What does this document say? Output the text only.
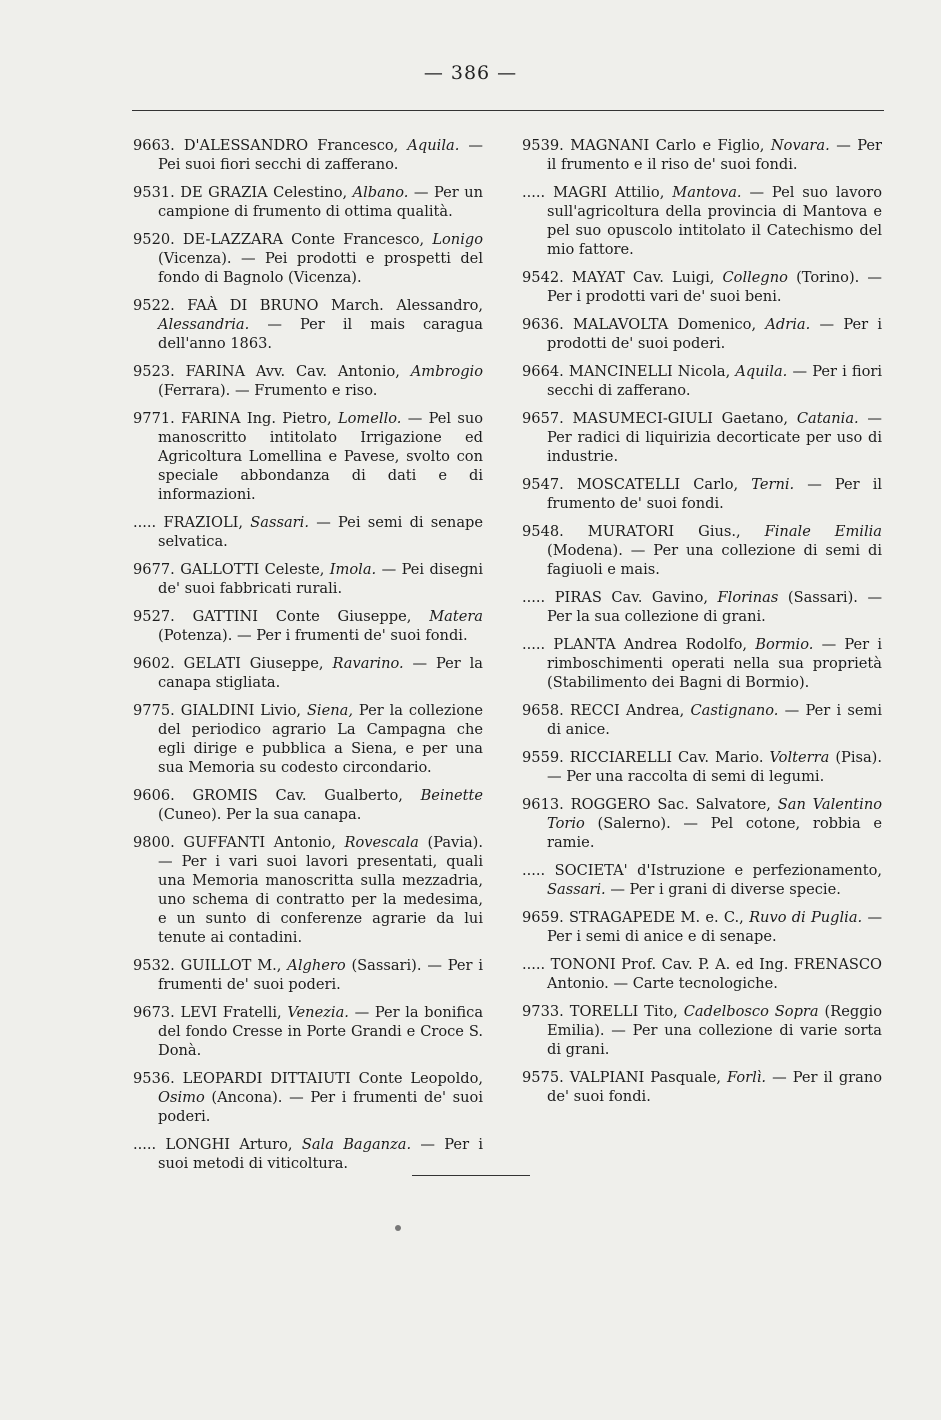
— 386 —

9663. D'ALESSANDRO Francesco, Aquila. — Pei suoi fiori secchi di zafferano.

9531. DE GRAZIA Celestino, Albano. — Per un campione di frumento di ottima qualità.

9520. DE-LAZZARA Conte Francesco, Lonigo (Vicenza). — Pei prodotti e prospetti del fondo di Bagnolo (Vicenza).

9522. FAÀ DI BRUNO March. Alessandro, Alessandria. — Per il mais caragua dell'anno 1863.

9523. FARINA Avv. Cav. Antonio, Ambrogio (Ferrara). — Frumento e riso.

9771. FARINA Ing. Pietro, Lomello. — Pel suo manoscritto intitolato Irrigazione ed Agricoltura Lomellina e Pavese, svolto con speciale abbondanza di dati e di informazioni.

..... FRAZIOLI, Sassari. — Pei semi di senape selvatica.

9677. GALLOTTI Celeste, Imola. — Pei disegni de' suoi fabbricati rurali.

9527. GATTINI Conte Giuseppe, Matera (Potenza). — Per i frumenti de' suoi fondi.

9602. GELATI Giuseppe, Ravarino. — Per la canapa stigliata.

9775. GIALDINI Livio, Siena, Per la collezione del periodico agrario La Campagna che egli dirige e pubblica a Siena, e per una sua Memoria su codesto circondario.

9606. GROMIS Cav. Gualberto, Beinette (Cuneo). Per la sua canapa.

9800. GUFFANTI Antonio, Rovescala (Pavia). — Per i vari suoi lavori presentati, quali una Memoria manoscritta sulla mezzadria, uno schema di contratto per la medesima, e un sunto di conferenze agrarie da lui tenute ai contadini.

9532. GUILLOT M., Alghero (Sassari). — Per i frumenti de' suoi poderi.

9673. LEVI Fratelli, Venezia. — Per la bonifica del fondo Cresse in Porte Grandi e Croce S. Donà.

9536. LEOPARDI DITTAIUTI Conte Leopoldo, Osimo (Ancona). — Per i frumenti de' suoi poderi.

..... LONGHI Arturo, Sala Baganza. — Per i suoi metodi di viticoltura.

9539. MAGNANI Carlo e Figlio, Novara. — Per il frumento e il riso de' suoi fondi.

..... MAGRI Attilio, Mantova. — Pel suo lavoro sull'agricoltura della provincia di Mantova e pel suo opuscolo intitolato il Catechismo del mio fattore.

9542. MAYAT Cav. Luigi, Collegno (Torino). — Per i prodotti vari de' suoi beni.

9636. MALAVOLTA Domenico, Adria. — Per i prodotti de' suoi poderi.

9664. MANCINELLI Nicola, Aquila. — Per i fiori secchi di zafferano.

9657. MASUMECI-GIULI Gaetano, Catania. — Per radici di liquirizia decorticate per uso di industrie.

9547. MOSCATELLI Carlo, Terni. — Per il frumento de' suoi fondi.

9548. MURATORI Gius., Finale Emilia (Modena). — Per una collezione di semi di fagiuoli e mais.

..... PIRAS Cav. Gavino, Florinas (Sassari). — Per la sua collezione di grani.

..... PLANTA Andrea Rodolfo, Bormio. — Per i rimboschimenti operati nella sua proprietà (Stabilimento dei Bagni di Bormio).

9658. RECCI Andrea, Castignano. — Per i semi di anice.

9559. RICCIARELLI Cav. Mario. Volterra (Pisa). — Per una raccolta di semi di legumi.

9613. ROGGERO Sac. Salvatore, San Valentino Torio (Salerno). — Pel cotone, robbia e ramie.

..... SOCIETA' d'Istruzione e perfezionamento, Sassari. — Per i grani di diverse specie.

9659. STRAGAPEDE M. e. C., Ruvo di Puglia. — Per i semi di anice e di senape.

..... TONONI Prof. Cav. P. A. ed Ing. FRENASCO Antonio. — Carte tecnologiche.

9733. TORELLI Tito, Cadelbosco Sopra (Reggio Emilia). — Per una collezione di varie sorta di grani.

9575. VALPIANI Pasquale, Forlì. — Per il grano de' suoi fondi.
